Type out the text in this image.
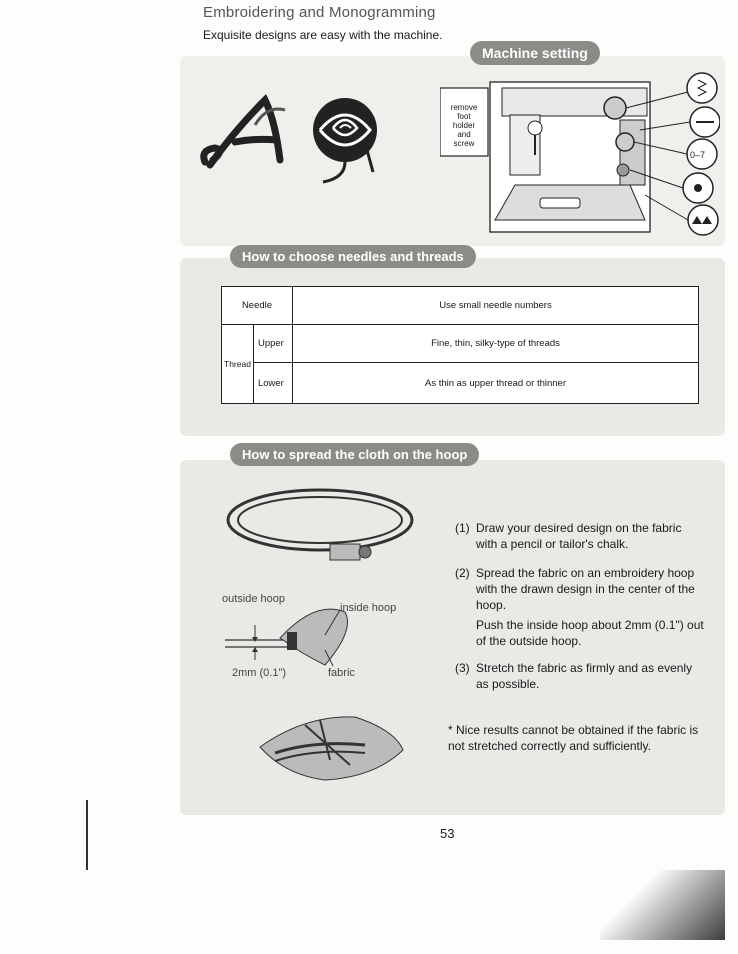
Embroidering and Monogramming
Exquisite designs are easy with the machine.
Machine setting
0–7
remove
foot
holder
and
screw
How to choose needles and threads
Needle		Use small needle numbers
Thread	Upper	Fine, thin, silky-type of threads
	Lower	As thin as upper thread or thinner
How to spread the cloth on the hoop
outside hoop
inside hoop
2mm (0.1")	fabric
(1) Draw your desired design on the fabric with a pencil or tailor's chalk.
(2) Spread the fabric on an embroidery hoop with the drawn design in the center of the hoop.
Push the inside hoop about 2mm (0.1") out of the outside hoop.
(3) Stretch the fabric as firmly and as evenly as possible.
* Nice results cannot be obtained if the fabric is not stretched correctly and sufficiently.
53
